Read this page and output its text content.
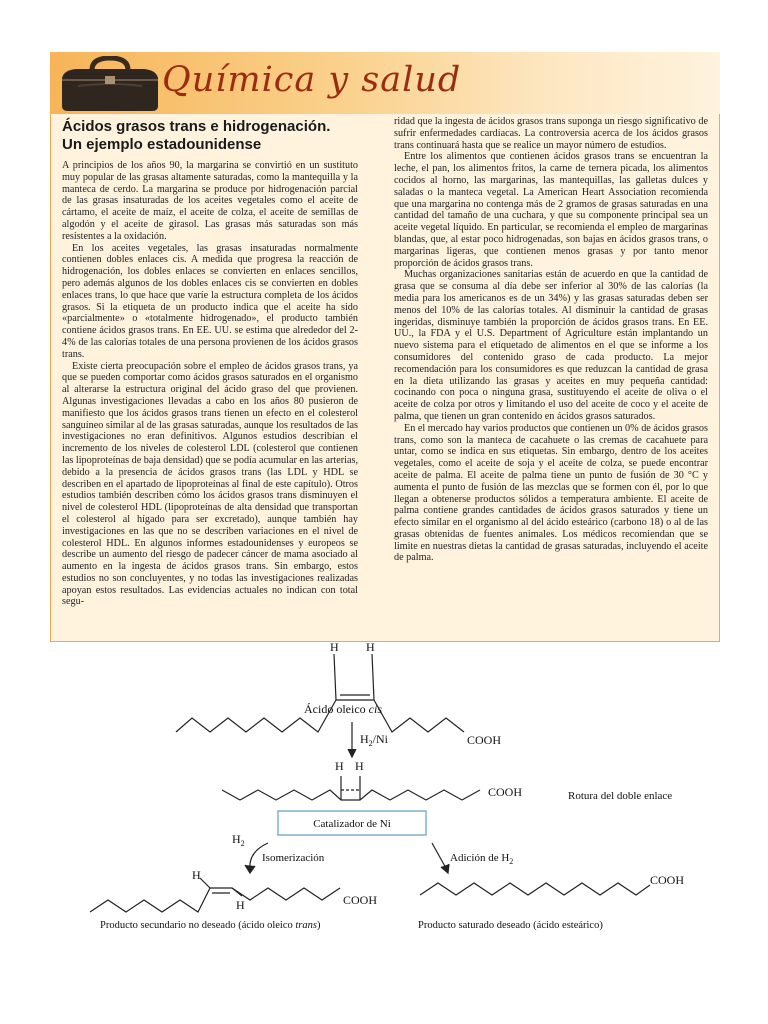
Química y salud
Ácidos grasos trans e hidrogenación.
Un ejemplo estadounidense

A principios de los años 90, la margarina se convirtió en un sustituto muy popular de las grasas altamente saturadas, como la mantequilla y la manteca de cerdo. La margarina se produce por hidrogenación parcial de las grasas insaturadas de los aceites vegetales como el aceite de cártamo, el aceite de maíz, el aceite de colza, el aceite de semillas de algodón y el aceite de girasol. Las grasas más saturadas son más resistentes a la oxidación.

En los aceites vegetales, las grasas insaturadas normalmente contienen dobles enlaces cis. A medida que progresa la reacción de hidrogenación, los dobles enlaces se convierten en enlaces sencillos, pero además algunos de los dobles enlaces cis se convierten en dobles enlaces trans, lo que hace que varíe la estructura completa de los ácidos grasos. Si la etiqueta de un producto indica que el aceite ha sido «parcialmente» o «totalmente hidrogenado», el producto también contiene ácidos grasos trans. En EE. UU. se estima que alrededor del 2-4% de las calorías totales de una persona provienen de los ácidos grasos trans.

Existe cierta preocupación sobre el empleo de ácidos grasos trans, ya que se pueden comportar como ácidos grasos saturados en el organismo al alterarse la estructura original del ácido graso del que provienen. Algunas investigaciones llevadas a cabo en los años 80 pusieron de manifiesto que los ácidos grasos trans tienen un efecto en el colesterol sanguíneo similar al de las grasas saturadas, aunque los resultados de las investigaciones no eran definitivos. Algunos estudios describían el incremento de los niveles de colesterol LDL (colesterol que contienen las lipoproteínas de baja densidad) que se podía acumular en las arterias, debido a la presencia de ácidos grasos trans (las LDL y HDL se describen en el apartado de lipoproteínas al final de este capítulo). Otros estudios también describen cómo los ácidos grasos trans disminuyen el nivel de colesterol HDL (lipoproteínas de alta densidad que transportan el colesterol al hígado para ser excretado), aunque también hay investigaciones en las que no se describen variaciones en el nivel de colesterol HDL. En algunos informes estadounidenses y europeos se describe un aumento del riesgo de padecer cáncer de mama asociado al aumento en la ingesta de ácidos grasos trans. Sin embargo, estos estudios no son concluyentes, y no todas las investigaciones realizadas apoyan estos resultados. Las evidencias actuales no indican con total segu-

ridad que la ingesta de ácidos grasos trans suponga un riesgo significativo de sufrir enfermedades cardíacas. La controversia acerca de los ácidos grasos trans continuará hasta que se realice un mayor número de estudios.

Entre los alimentos que contienen ácidos grasos trans se encuentran la leche, el pan, los alimentos fritos, la carne de ternera picada, los alimentos cocidos al horno, las margarinas, las mantequillas, las galletas dulces y saladas o la manteca vegetal. La American Heart Association recomienda que una margarina no contenga más de 2 gramos de grasas saturadas en una cantidad del tamaño de una cuchara, y que su componente principal sea un aceite vegetal líquido. En particular, se recomienda el empleo de margarinas blandas, que, al estar poco hidrogenadas, son bajas en ácidos grasos trans, o margarinas ligeras, que contienen menos grasas y por tanto menor proporción de ácidos grasos trans.

Muchas organizaciones sanitarias están de acuerdo en que la cantidad de grasa que se consuma al día debe ser inferior al 30% de las calorías (la media para los americanos es de un 34%) y las grasas saturadas deben ser menos del 10% de las calorías totales. Al disminuir la cantidad de grasas ingeridas, disminuye también la proporción de ácidos grasos trans. En EE. UU., la FDA y el U.S. Department of Agriculture están implantando un nuevo sistema para el etiquetado de alimentos en el que se informe a los consumidores del contenido graso de cada producto. La mejor recomendación para los consumidores es que reduzcan la cantidad de grasa en la dieta utilizando las grasas y aceites en muy pequeña cantidad: cocinando con poca o ninguna grasa, sustituyendo el aceite de oliva o el aceite de colza por otros y limitando el uso del aceite de coco y el aceite de palma, que tienen un gran contenido en ácidos grasos saturados.

En el mercado hay varios productos que contienen un 0% de ácidos grasos trans, como son la manteca de cacahuete o las cremas de cacahuete para untar, como se indica en sus etiquetas. Sin embargo, dentro de los aceites vegetales, como el aceite de soja y el aceite de colza, se puede encontrar aceite de palma. El aceite de palma tiene un punto de fusión de 30 °C y aumenta el punto de fusión de las mezclas que se formen con él, por lo que llegan a obtenerse productos sólidos a temperatura ambiente. El aceite de palma contiene grandes cantidades de ácidos grasos saturados y tiene un efecto similar en el organismo al del ácido esteárico (carbono 18) o al de las grasas obtenidas de fuentes animales. Los médicos recomiendan que se limite en nuestras dietas la cantidad de grasas saturadas, incluyendo el aceite de palma.

H H
Ácido oleico cis
COOH
$H_2/Ni$
H H
COOH	Rotura del doble enlace
$H_2$
Isomerización	Adición de $H_2$
H
H	COOH
COOH
Producto secundario no deseado (ácido oleico trans)	Producto saturado deseado (ácido esteárico)
Catalizador de Ni
